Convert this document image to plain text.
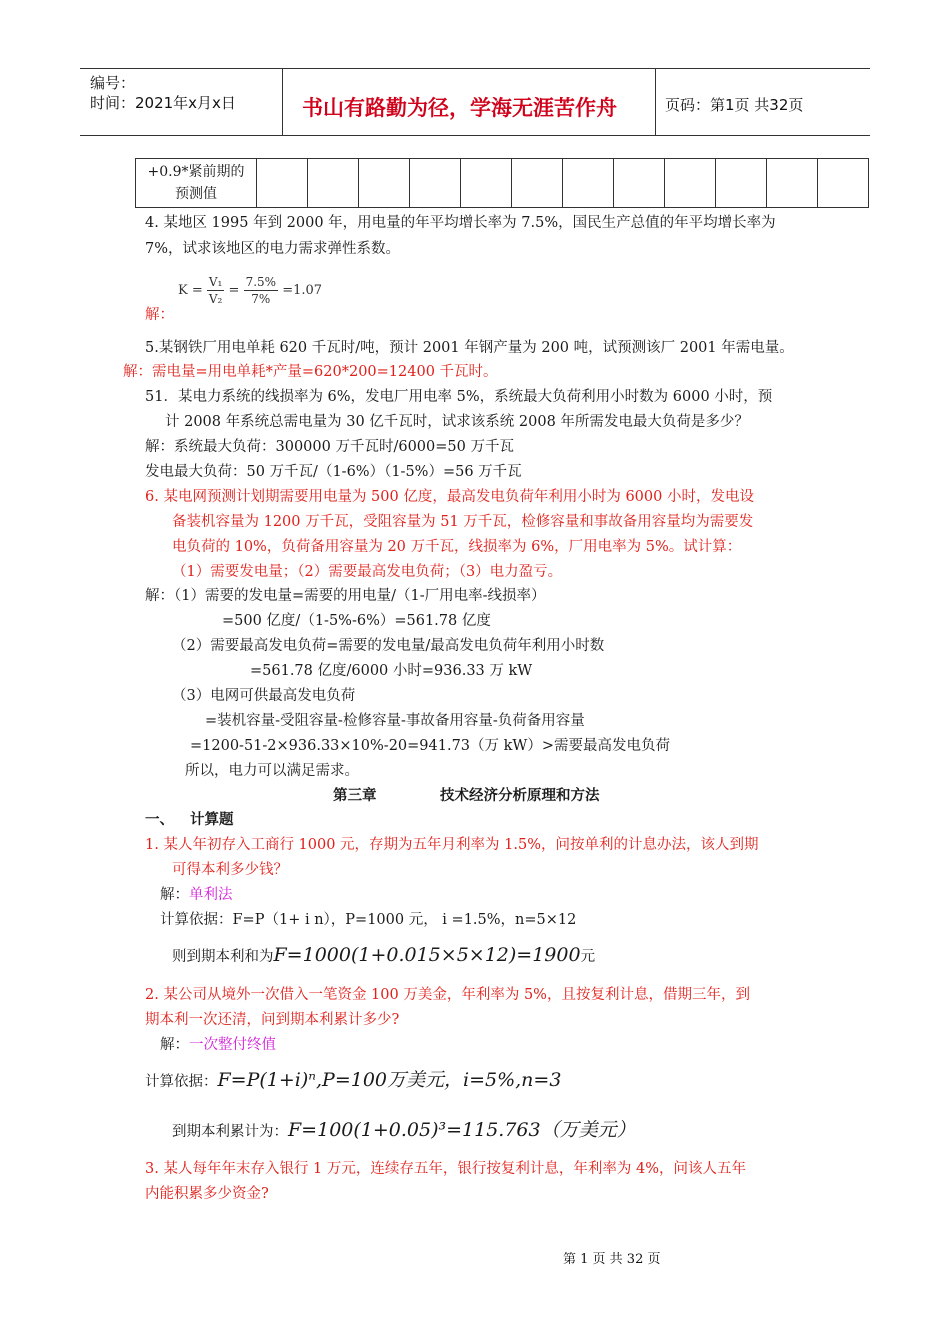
编号：
时间：2021年x月x日	书山有路勤为径，学海无涯苦作舟	页码：第1页 共32页
+0.9*紧前期的
预测值												
4. 某地区 1995 年到 2000 年，用电量的年平均增长率为 7.5%，国民生产总值的年平均增长率为
7%，试求该地区的电力需求弹性系数。
$K = \frac{\text{V₁}}{\text{V₂}} = \frac{7.5\%}{7\%} =1.07$
解：
5.某钢铁厂用电单耗 620 千瓦时/吨，预计 2001 年钢产量为 200 吨，试预测该厂 2001 年需电量。
解：需电量=用电单耗*产量=620*200=12400 千瓦时。
51．某电力系统的线损率为 6%，发电厂用电率 5%，系统最大负荷利用小时数为 6000 小时，预
计 2008 年系统总需电量为 30 亿千瓦时，试求该系统 2008 年所需发电最大负荷是多少？
解：系统最大负荷：300000 万千瓦时/6000=50 万千瓦
发电最大负荷：50 万千瓦/（1-6%）（1-5%）=56 万千瓦
6. 某电网预测计划期需要用电量为 500 亿度，最高发电负荷年利用小时为 6000 小时，发电设
备装机容量为 1200 万千瓦，受阻容量为 51 万千瓦，检修容量和事故备用容量均为需要发
电负荷的 10%，负荷备用容量为 20 万千瓦，线损率为 6%，厂用电率为 5%。试计算：
（1）需要发电量；（2）需要最高发电负荷；（3）电力盈亏。
解：（1）需要的发电量=需要的用电量/（1-厂用电率-线损率）
=500 亿度/（1-5%-6%）=561.78 亿度
（2）需要最高发电负荷=需要的发电量/最高发电负荷年利用小时数
=561.78 亿度/6000 小时=936.33 万 kW
（3）电网可供最高发电负荷
=装机容量-受阻容量-检修容量-事故备用容量-负荷备用容量
=1200-51-2×936.33×10%-20=941.73（万 kW）>需要最高发电负荷
所以，电力可以满足需求。
第三章	技术经济分析原理和方法
一、 计算题
1. 某人年初存入工商行 1000 元，存期为五年月利率为 1.5%，问按单利的计息办法，该人到期
可得本利多少钱？
解：单利法
计算依据：F=P（1+ i n），P=1000 元， i =1.5%，n=5×12
则到期本利和为F=1000(1+0.015×5×12)=1900元
2. 某公司从境外一次借入一笔资金 100 万美金，年利率为 5%，且按复利计息，借期三年，到
期本利一次还清，问到期本利累计多少?
解：一次整付终值
计算依据：F=P(1+i)ⁿ,P=100万美元，i=5%,n=3
到期本利累计为：F=100(1+0.05)³=115.763（万美元）
3. 某人每年年末存入银行 1 万元，连续存五年，银行按复利计息，年利率为 4%，问该人五年
内能积累多少资金?
第 1 页 共 32 页
